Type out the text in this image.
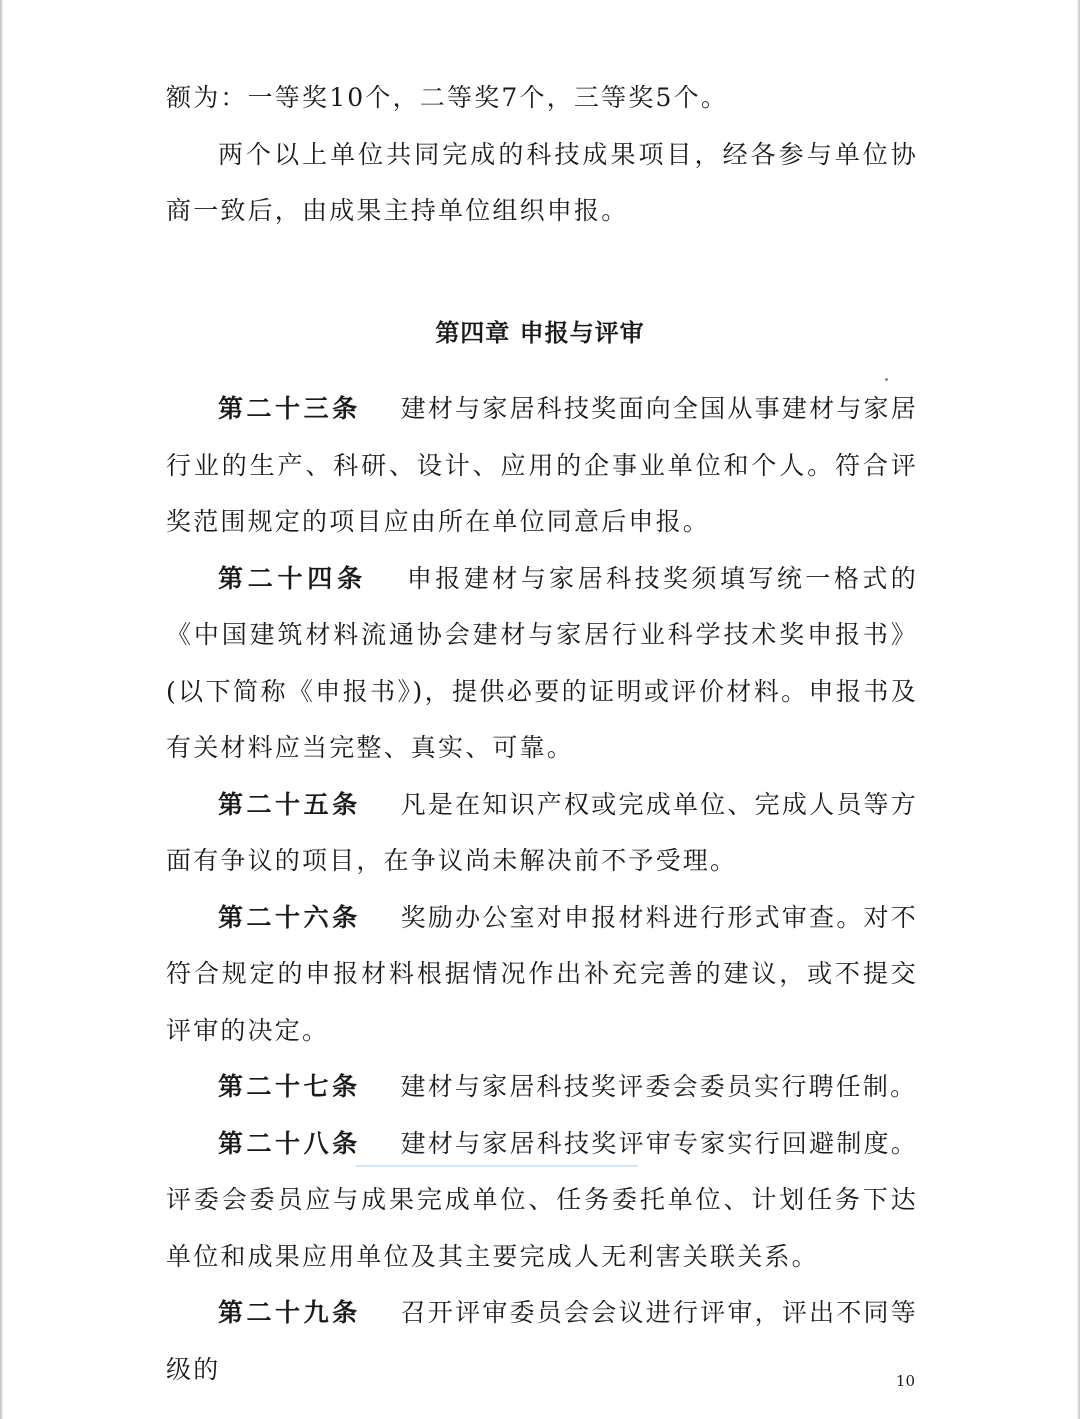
额为：一等奖10个，二等奖7个，三等奖5个。

两个以上单位共同完成的科技成果项目，经各参与单位协商一致后，由成果主持单位组织申报。

第四章 申报与评审

第二十三条 建材与家居科技奖面向全国从事建材与家居行业的生产、科研、设计、应用的企事业单位和个人。符合评奖范围规定的项目应由所在单位同意后申报。

第二十四条 申报建材与家居科技奖须填写统一格式的《中国建筑材料流通协会建材与家居行业科学技术奖申报书》(以下简称《申报书》)，提供必要的证明或评价材料。申报书及有关材料应当完整、真实、可靠。

第二十五条 凡是在知识产权或完成单位、完成人员等方面有争议的项目，在争议尚未解决前不予受理。

第二十六条 奖励办公室对申报材料进行形式审查。对不符合规定的申报材料根据情况作出补充完善的建议，或不提交评审的决定。

第二十七条 建材与家居科技奖评委会委员实行聘任制。

第二十八条 建材与家居科技奖评审专家实行回避制度。评委会委员应与成果完成单位、任务委托单位、计划任务下达单位和成果应用单位及其主要完成人无利害关联关系。

第二十九条 召开评审委员会会议进行评审，评出不同等级的	10
